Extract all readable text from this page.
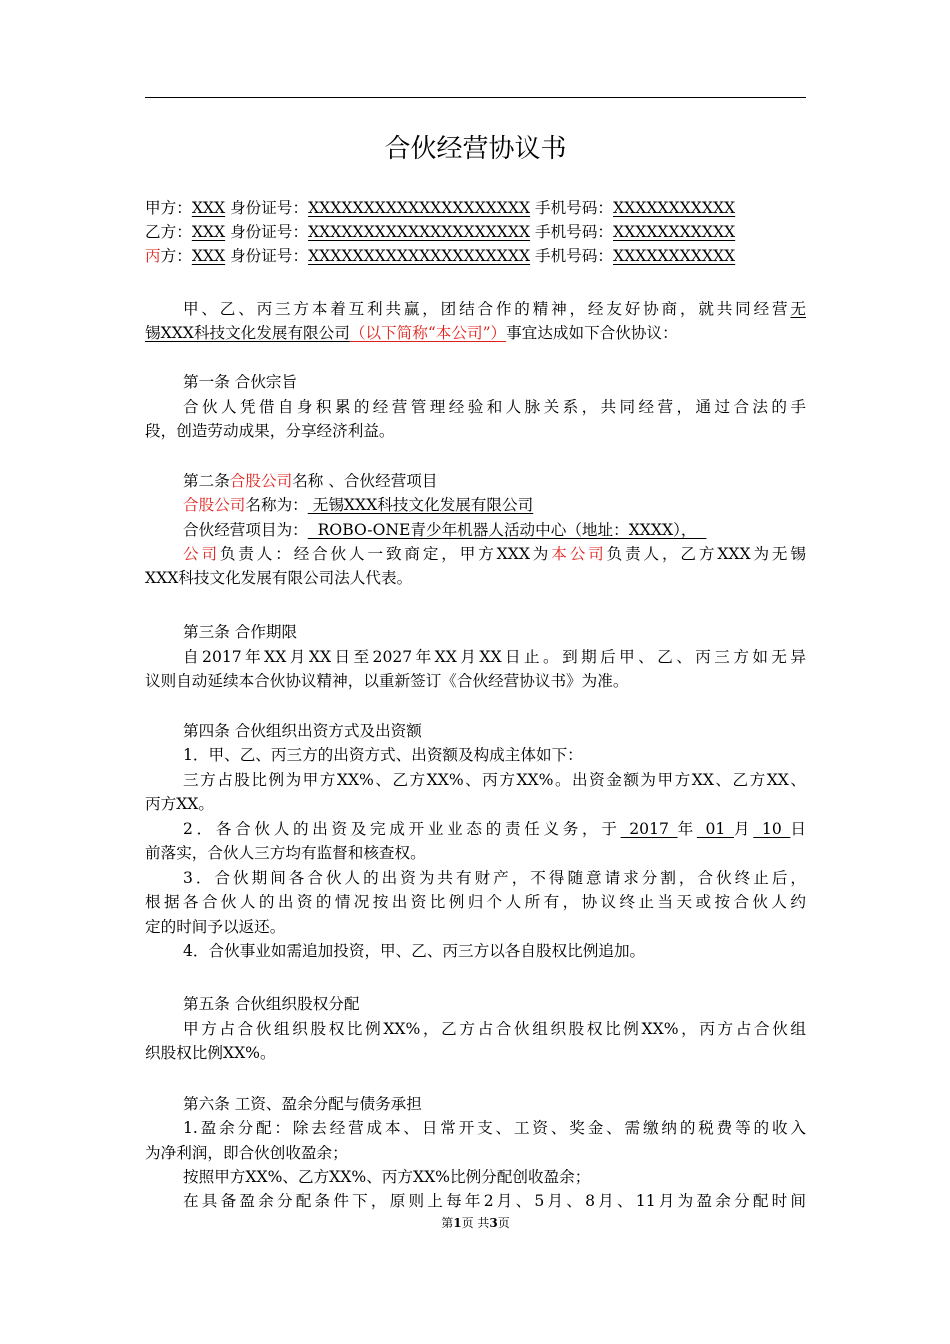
合伙经营协议书
甲方：XXX 身份证号：XXXXXXXXXXXXXXXXXXXX 手机号码：XXXXXXXXXXX
乙方：XXX 身份证号：XXXXXXXXXXXXXXXXXXXX 手机号码：XXXXXXXXXXX
丙方：XXX 身份证号：XXXXXXXXXXXXXXXXXXXX 手机号码：XXXXXXXXXXX
甲、乙、丙三方本着互利共赢，团结合作的精神，经友好协商，就共同经营无
锡XXX科技文化发展有限公司（以下简称“本公司”）事宜达成如下合伙协议：
第一条 合伙宗旨
合伙人凭借自身积累的经营管理经验和人脉关系，共同经营，通过合法的手
段，创造劳动成果，分享经济利益。
第二条合股公司名称 、合伙经营项目
合股公司名称为： 无锡XXX科技文化发展有限公司
合伙经营项目为：  ROBO-ONE青少年机器人活动中心（地址：XXXX），
公司负责人：经合伙人一致商定，甲方XXX为本公司负责人，乙方XXX为无锡
XXX科技文化发展有限公司法人代表。
第三条 合作期限
自2017年XX月XX日至2027年XX月XX日止。到期后甲、乙、丙三方如无异
议则自动延续本合伙协议精神，以重新签订《合伙经营协议书》为准。
第四条 合伙组织出资方式及出资额
1．甲、乙、丙三方的出资方式、出资额及构成主体如下：
三方占股比例为甲方XX%、乙方XX%、丙方XX%。出资金额为甲方XX、乙方XX、
丙方XX。
2．各合伙人的出资及完成开业业态的责任义务，于 2017 年 01 月 10 日
前落实，合伙人三方均有监督和核查权。
3．合伙期间各合伙人的出资为共有财产，不得随意请求分割，合伙终止后，
根据各合伙人的出资的情况按出资比例归个人所有，协议终止当天或按合伙人约
定的时间予以返还。
4．合伙事业如需追加投资，甲、乙、丙三方以各自股权比例追加。
第五条 合伙组织股权分配
甲方占合伙组织股权比例XX%，乙方占合伙组织股权比例XX%，丙方占合伙组
织股权比例XX%。
第六条 工资、盈余分配与债务承担
1.盈余分配：除去经营成本、日常开支、工资、奖金、需缴纳的税费等的收入
为净利润，即合伙创收盈余；
按照甲方XX%、乙方XX%、丙方XX%比例分配创收盈余；
在具备盈余分配条件下，原则上每年2月、5月、8月、11月为盈余分配时间
第1页 共3页
